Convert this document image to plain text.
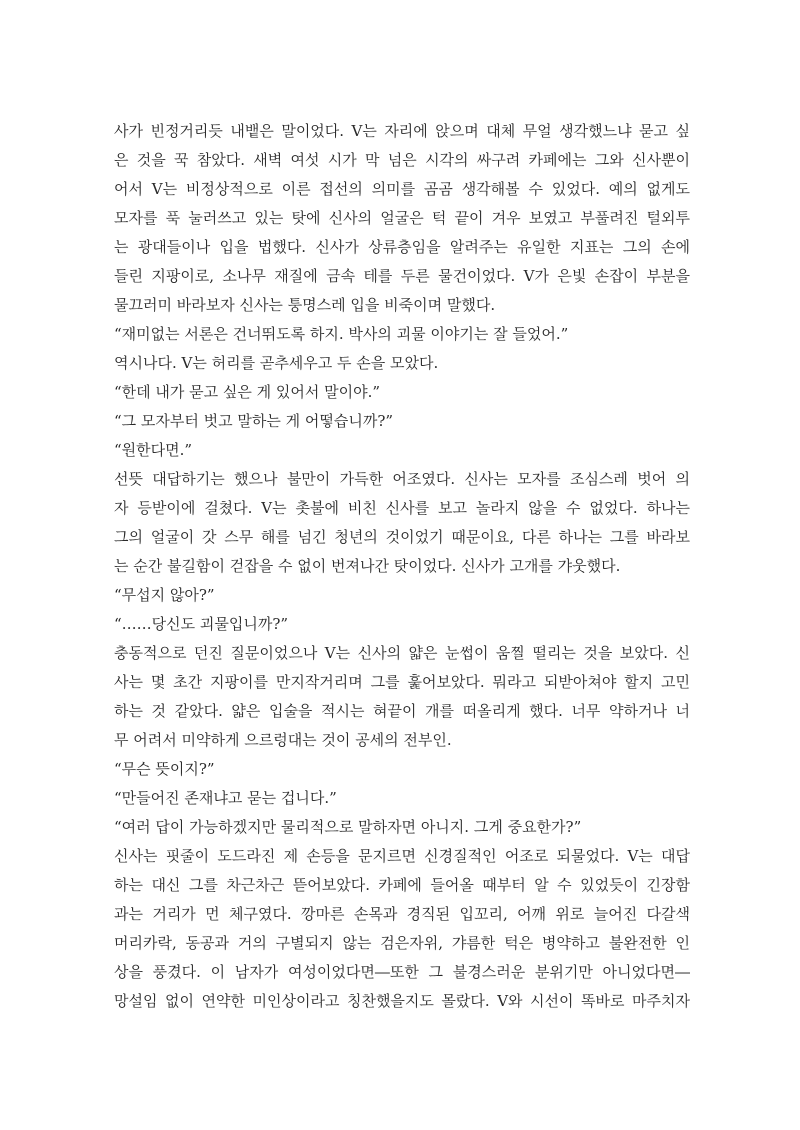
사가 빈정거리듯 내뱉은 말이었다. V는 자리에 앉으며 대체 무얼 생각했느냐 묻고 싶
은 것을 꾹 참았다. 새벽 여섯 시가 막 넘은 시각의 싸구려 카페에는 그와 신사뿐이
어서 V는 비정상적으로 이른 접선의 의미를 곰곰 생각해볼 수 있었다. 예의 없게도
모자를 푹 눌러쓰고 있는 탓에 신사의 얼굴은 턱 끝이 겨우 보였고 부풀려진 털외투
는 광대들이나 입을 법했다. 신사가 상류층임을 알려주는 유일한 지표는 그의 손에
들린 지팡이로, 소나무 재질에 금속 테를 두른 물건이었다. V가 은빛 손잡이 부분을
물끄러미 바라보자 신사는 퉁명스레 입을 비죽이며 말했다.
“재미없는 서론은 건너뛰도록 하지. 박사의 괴물 이야기는 잘 들었어.”
역시나다. V는 허리를 곧추세우고 두 손을 모았다.
“한데 내가 묻고 싶은 게 있어서 말이야.”
“그 모자부터 벗고 말하는 게 어떻습니까?”
“원한다면.”
선뜻 대답하기는 했으나 불만이 가득한 어조였다. 신사는 모자를 조심스레 벗어 의
자 등받이에 걸쳤다. V는 촛불에 비친 신사를 보고 놀라지 않을 수 없었다. 하나는
그의 얼굴이 갓 스무 해를 넘긴 청년의 것이었기 때문이요, 다른 하나는 그를 바라보
는 순간 불길함이 걷잡을 수 없이 번져나간 탓이었다. 신사가 고개를 갸웃했다.
“무섭지 않아?”
“……당신도 괴물입니까?”
충동적으로 던진 질문이었으나 V는 신사의 얇은 눈썹이 움찔 떨리는 것을 보았다. 신
사는 몇 초간 지팡이를 만지작거리며 그를 훑어보았다. 뭐라고 되받아쳐야 할지 고민
하는 것 같았다. 얇은 입술을 적시는 혀끝이 개를 떠올리게 했다. 너무 약하거나 너
무 어려서 미약하게 으르렁대는 것이 공세의 전부인.
“무슨 뜻이지?”
“만들어진 존재냐고 묻는 겁니다.”
“여러 답이 가능하겠지만 물리적으로 말하자면 아니지. 그게 중요한가?”
신사는 핏줄이 도드라진 제 손등을 문지르면 신경질적인 어조로 되물었다. V는 대답
하는 대신 그를 차근차근 뜯어보았다. 카페에 들어올 때부터 알 수 있었듯이 긴장함
과는 거리가 먼 체구였다. 깡마른 손목과 경직된 입꼬리, 어깨 위로 늘어진 다갈색
머리카락, 동공과 거의 구별되지 않는 검은자위, 갸름한 턱은 병약하고 불완전한 인
상을 풍겼다. 이 남자가 여성이었다면―또한 그 불경스러운 분위기만 아니었다면―
망설임 없이 연약한 미인상이라고 칭찬했을지도 몰랐다. V와 시선이 똑바로 마주치자
